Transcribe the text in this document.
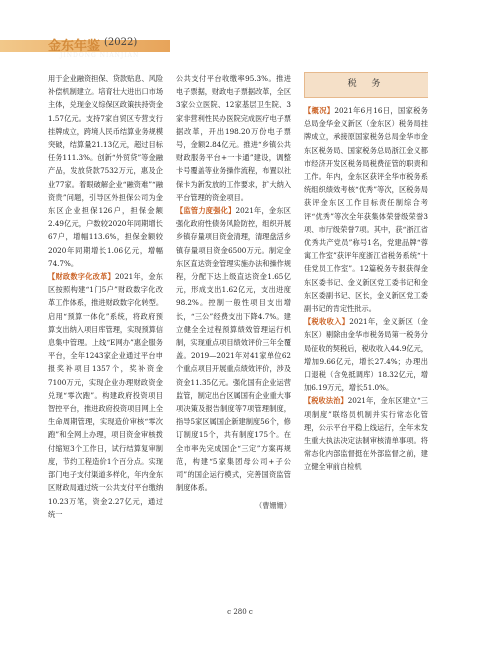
金东年鉴 (2022)
JINDONG NIANJIAN

用于企业融资担保、贷款贴息、风险补偿机制建立。培育壮大进出口市场主体，兑现金义综保区政策扶持资金1.57亿元。支持7家自贸区专营支行挂牌成立，跨境人民币结算业务规模突破，结算量21.13亿元，超过目标任务111.3%。创新“外贸贷”等金融产品，发放贷款7532万元，惠及企业77家。着眼破解企业“融资难”“融资贵”问题，引导区外担保公司为金东区企业担保126户，担保金额2.49亿元，户数较2020年同期增长67户，增幅113.6%，担保金额较2020年同期增长1.06亿元，增幅74.7%。

【财政数字化改革】2021年，金东区按照构建“1门5户”财政数字化改革工作体系，推进财政数字化转型。启用“预算一体化”系统，将政府预算支出纳入项目库管理，实现预算信息集中管理。上线“E网办”惠企服务平台，全年1243家企业通过平台申报奖补项目1357个，奖补资金7100万元，实现企业办理财政资金兑现“零次跑”。构建政府投资项目智控平台，推进政府投资项目网上全生命周期管理，实现造价审核“零次跑”和全网上办理，项目资金审核拨付缩短3个工作日，试行结算复审制度，节约工程造价1个百分点。实现部门电子支付渠道多样化，年内金东区财政局通过统一公共支付平台缴纳10.23万笔，资金2.27亿元，通过统一

公共支付平台收缴率95.3%。推进电子票据，财政电子票据改革，全区3家公立医院、12家基层卫生院、3家非营利性民办医院完成医疗电子票据改革，开出198.20万份电子票号，金额2.84亿元。推进“乡镇公共财政服务平台+一卡通”建设，调整卡号覆盖等业务操作流程，布置以社保卡为新发放的工作要求，扩大纳入平台管理的资金项目。

【监管力度强化】2021年，金东区强化政府性债务风险防控，组织开展乡镇存量项目资金清理，清理盘活乡镇存量项目资金6500万元。制定金东区直达资金管理实施办法和操作规程，分配下达上级直达资金1.65亿元，形成支出1.62亿元，支出进度98.2%。控制一般性项目支出增长，“三公”经费支出下降4.7%。建立健全全过程预算绩效管理运行机制，实现重点项目绩效评价三年全覆盖。2019—2021年对41家单位62个重点项目开展重点绩效评价，涉及资金11.35亿元。强化国有企业运营监管，制定出台区属国有企业重大事项决策及报告制度等7项管理制度，指导5家区属国企新建制度56个，修订制度15个，共有制度175个。在全市率先完成国企“三定”方案再规范，构建“5家集团母公司+子公司”的国企运行模式，完善国资监管制度体系。

（曹姗姗）
税 务

【概况】2021年6月16日，国家税务总局金华金义新区（金东区）税务局挂牌成立，承接原国家税务总局金华市金东区税务局、国家税务总局浙江金义都市经济开发区税务局税费征管的职责和工作。年内，金东区获评全华市税务系统组织绩效考核“优秀”等次，区税务局获评金东区工作目标责任制综合考评“优秀”等次全年获集体荣誉级荣誉3项、市厅级荣誉7项。其中，获“浙江省优秀共产党员”称号1名，党建品牌“蓉寓工作室”获评年度浙江省税务系统“十佳党员工作室”。12篇税务专报获得金东区委书记、金义新区党工委书记和金东区委副书记、区长，金义新区党工委副书记的肯定性批示。

【税收收入】2021年，金义新区（金东区）剔除由金华市税务局第一税务分局征收的契税后，税收收入44.9亿元，增加9.66亿元，增长27.4%；办理出口退税（含免抵调库）18.32亿元，增加6.19万元，增长51.0%。

【税收法治】2021年，金东区建立“三项制度”联络员机制并实行常态化管理，公示平台平稳上线运行，全年未发生重大执法决定法制审核清单事项。将常态化内部监督挺在外部监督之前，建立健全审前自检机

c 280 c
